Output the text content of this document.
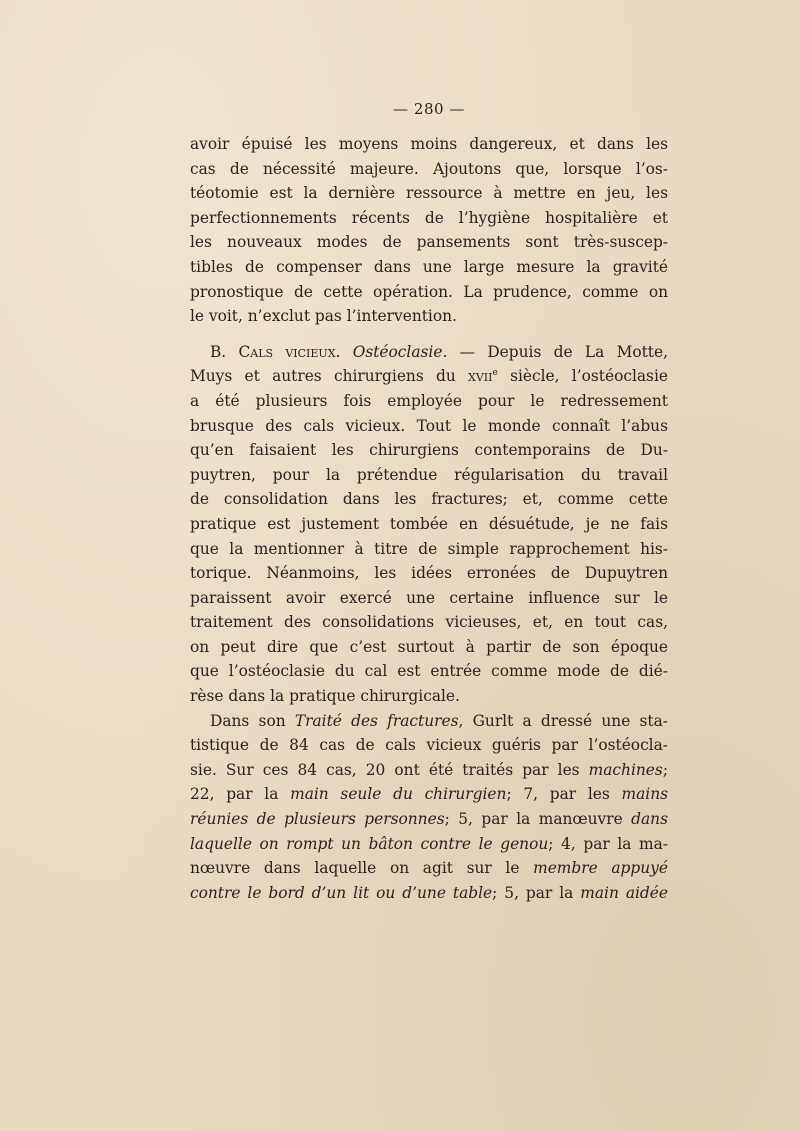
— 280 —
avoir épuisé les moyens moins dangereux, et dans les
cas de nécessité majeure. Ajoutons que, lorsque l’os-
téotomie est la dernière ressource à mettre en jeu, les
perfectionnements récents de l’hygiène hospitalière et
les nouveaux modes de pansements sont très-suscep-
tibles de compenser dans une large mesure la gravité
pronostique de cette opération. La prudence, comme on
le voit, n’exclut pas l’intervention.
B. Cals vicieux. Ostéoclasie. — Depuis de La Motte,
Muys et autres chirurgiens du xvii$^e$ siècle, l’ostéoclasie
a été plusieurs fois employée pour le redressement
brusque des cals vicieux. Tout le monde connaît l’abus
qu’en faisaient les chirurgiens contemporains de Du-
puytren, pour la prétendue régularisation du travail
de consolidation dans les fractures; et, comme cette
pratique est justement tombée en désuétude, je ne fais
que la mentionner à titre de simple rapprochement his-
torique. Néanmoins, les idées erronées de Dupuytren
paraissent avoir exercé une certaine influence sur le
traitement des consolidations vicieuses, et, en tout cas,
on peut dire que c’est surtout à partir de son époque
que l’ostéoclasie du cal est entrée comme mode de dié-
rèse dans la pratique chirurgicale.
Dans son Traité des fractures, Gurlt a dressé une sta-
tistique de 84 cas de cals vicieux guéris par l’ostéocla-
sie. Sur ces 84 cas, 20 ont été traités par les machines;
22, par la main seule du chirurgien; 7, par les mains
réunies de plusieurs personnes; 5, par la manœuvre dans
laquelle on rompt un bâton contre le genou; 4, par la ma-
nœuvre dans laquelle on agit sur le membre appuyé
contre le bord d’un lit ou d’une table; 5, par la main aidée
